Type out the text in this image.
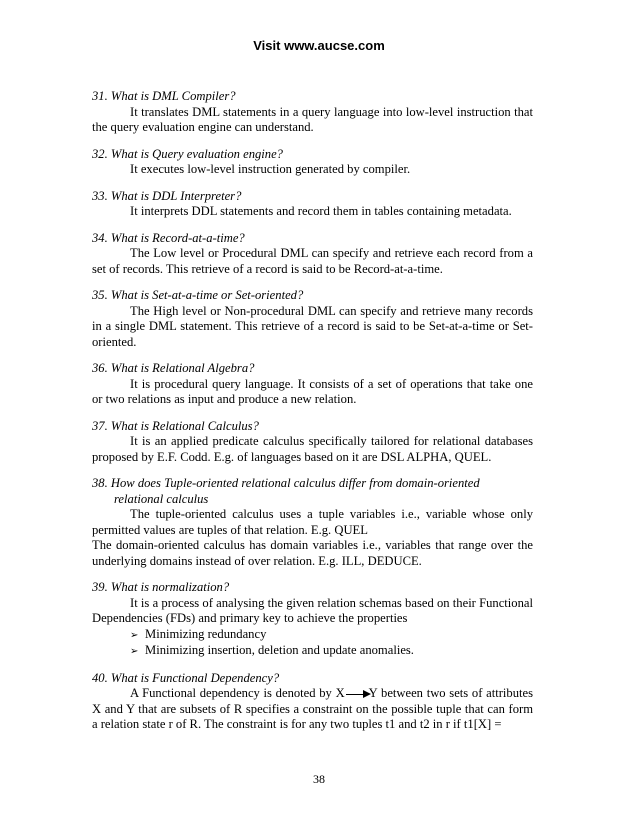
Visit www.aucse.com

31. What is DML Compiler?

It translates DML statements in a query language into low-level instruction that the query evaluation engine can understand.

32. What is Query evaluation engine?

It executes low-level instruction generated by compiler.

33. What is DDL Interpreter?

It interprets DDL statements and record them in tables containing metadata.

34. What is Record-at-a-time?

The Low level or Procedural DML can specify and retrieve each record from a set of records. This retrieve of a record is said to be Record-at-a-time.

35. What is Set-at-a-time or Set-oriented?

The High level or Non-procedural DML can specify and retrieve many records in a single DML statement. This retrieve of a record is said to be Set-at-a-time or Set-oriented.

36. What is Relational Algebra?

It is procedural query language. It consists of a set of operations that take one or two relations as input and produce a new relation.

37. What is Relational Calculus?

It is an applied predicate calculus specifically tailored for relational databases proposed by E.F. Codd. E.g. of languages based on it are DSL ALPHA, QUEL.

38. How does Tuple-oriented relational calculus differ from domain-oriented

relational calculus

The tuple-oriented calculus uses a tuple variables i.e., variable whose only permitted values are tuples of that relation. E.g. QUEL

The domain-oriented calculus has domain variables i.e., variables that range over the underlying domains instead of over relation. E.g. ILL, DEDUCE.

39. What is normalization?

It is a process of analysing the given relation schemas based on their Functional Dependencies (FDs) and primary key to achieve the properties

➢ Minimizing redundancy

➢ Minimizing insertion, deletion and update anomalies.

40. What is Functional Dependency?

A Functional dependency is denoted by X Y between two sets of attributes X and Y that are subsets of R specifies a constraint on the possible tuple that can form a relation state r of R. The constraint is for any two tuples t1 and t2 in r if t1[X] =

38
